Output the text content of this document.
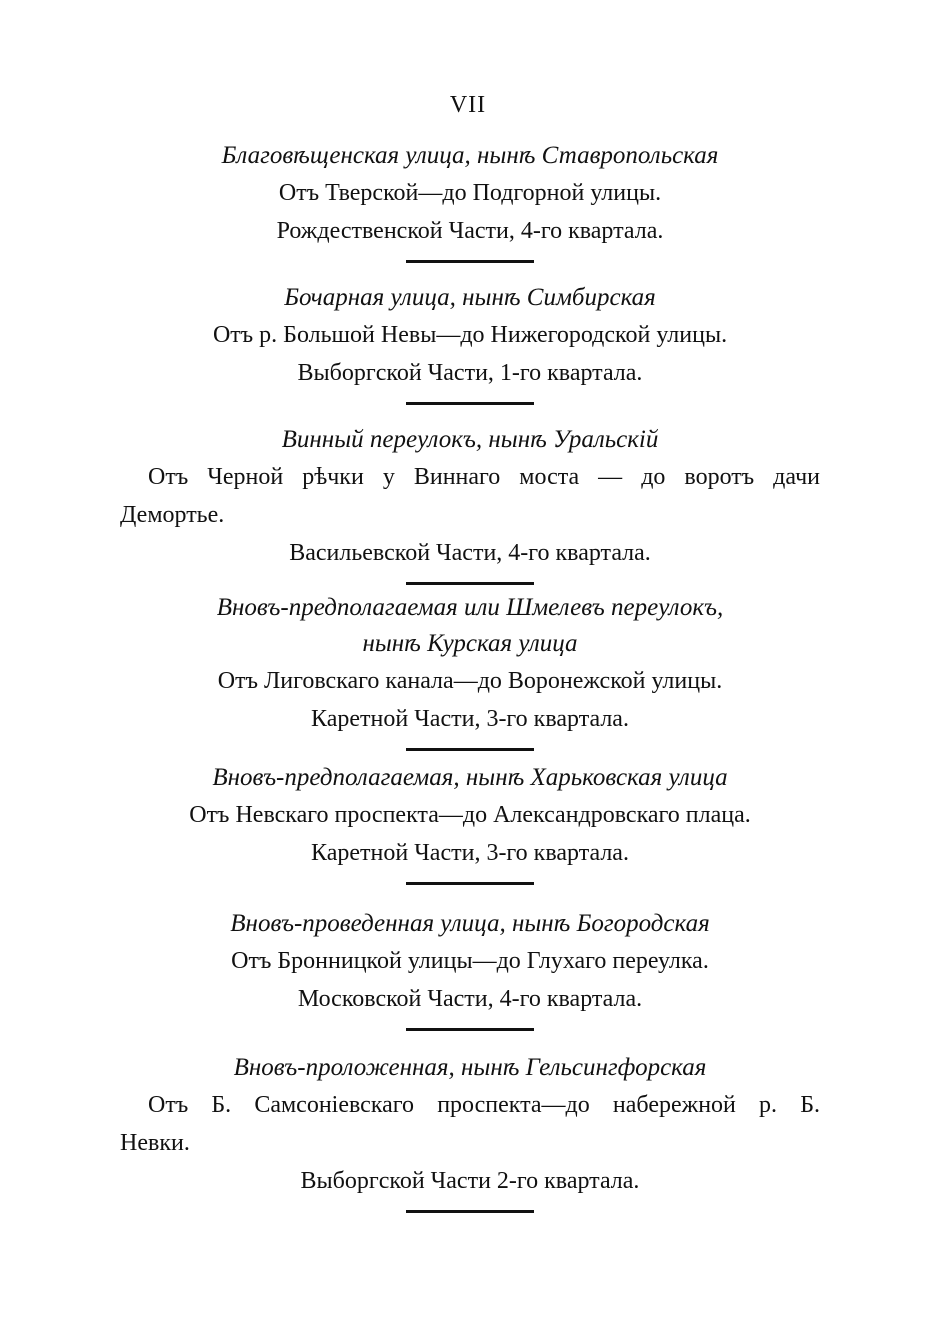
VII
Благовѣщенская улица, нынѣ Ставропольская
Отъ Тверской—до Подгорной улицы.
Рождественской Части, 4-го квартала.
Бочарная улица, нынѣ Симбирская
Отъ р. Большой Невы—до Нижегородской улицы.
Выборгской Части, 1-го квартала.
Винный переулокъ, нынѣ Уральскій
Отъ Черной рѣчки у Виннаго моста — до воротъ дачи
Демортье.
Васильевской Части, 4-го квартала.
Вновъ-предполагаемая или Шмелевъ переулокъ,
нынѣ Курская улица
Отъ Лиговскаго канала—до Воронежской улицы.
Каретной Части, 3-го квартала.
Вновъ-предполагаемая, нынѣ Харьковская улица
Отъ Невскаго проспекта—до Александровскаго плаца.
Каретной Части, 3-го квартала.
Вновъ-проведенная улица, нынѣ Богородская
Отъ Бронницкой улицы—до Глухаго переулка.
Московской Части, 4-го квартала.
Вновъ-проложенная, нынѣ Гельсингфорская
Отъ Б. Самсоніевскаго проспекта—до набережной р. Б.
Невки.
Выборгской Части 2-го квартала.
